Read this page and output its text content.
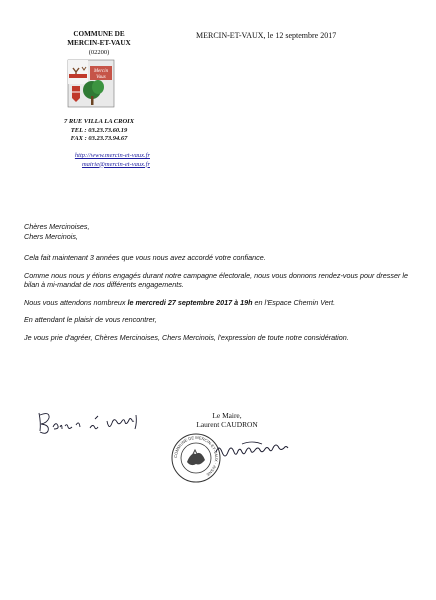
COMMUNE DE
MERCIN-ET-VAUX
(02200)
Mercin
Vaux
7 RUE VILLA LA CROIX
TEL : 03.23.73.60.19
FAX : 03.23.73.94.67
http://www.mercin-et-vaux.fr
mairie@mercin-et-vaux.fr
MERCIN-ET-VAUX, le 12 septembre 2017

Chères Mercinoises,
Chers Mercinois,

Cela fait maintenant 3 années que vous nous avez accordé votre confiance.

Comme nous nous y étions engagés durant notre campagne électorale, nous vous donnons rendez-vous pour dresser le bilan à mi-mandat de nos différents engagements.

Nous vous attendons nombreux le mercredi 27 septembre 2017 à 19h en l'Espace Chemin Vert.

En attendant le plaisir de vous rencontrer,

Je vous prie d'agréer, Chères Mercinoises, Chers Mercinois, l'expression de toute notre considération.

Le Maire,
Laurent CAUDRON
COMMUNE DE MERCIN-ET-VAUX · AISNE
